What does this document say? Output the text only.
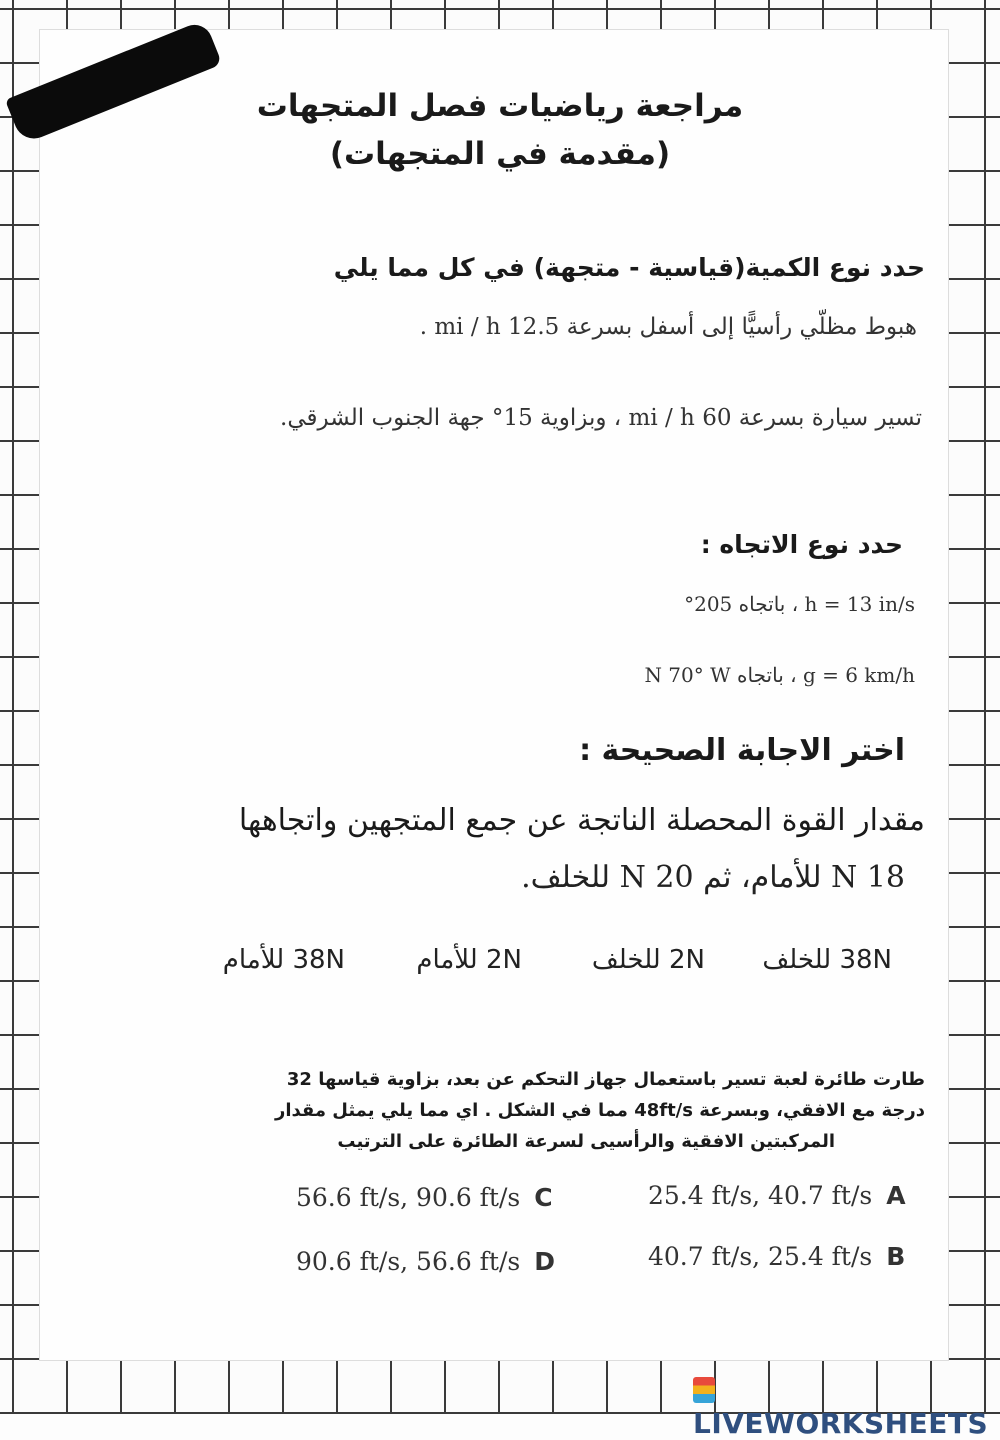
مراجعة رياضيات فصل المتجهات
(مقدمة في المتجهات)
حدد نوع الكمية(قياسية - متجهة) في كل مما يلي
هبوط مظلّي رأسيًّا إلى أسفل بسرعة 12.5 mi / h .
تسير سيارة بسرعة 60 mi / h ، وبزاوية 15° جهة الجنوب الشرقي.
حدد نوع الاتجاه :
h = 13 in/s ، باتجاه 205°
g = 6 km/h ، باتجاه N 70° W
اختر الاجابة الصحيحة :
مقدار القوة المحصلة الناتجة عن جمع المتجهين واتجاهها
18 N للأمام، ثم 20 N للخلف.
38N للخلف
2N للخلف
2N للأمام
38N للأمام
طارت طائرة لعبة تسير باستعمال جهاز التحكم عن بعد، بزاوية قياسها 32
درجة مع الافقي، وبسرعة 48ft/s مما في الشكل . اي مما يلي يمثل مقدار
المركبتين الافقية والرأسيى لسرعة الطائرة على الترتيب
25.4 ft/s, 40.7 ft/s A
40.7 ft/s, 25.4 ft/s B
56.6 ft/s, 90.6 ft/s C
90.6 ft/s, 56.6 ft/s D
LIVEWORKSHEETS
